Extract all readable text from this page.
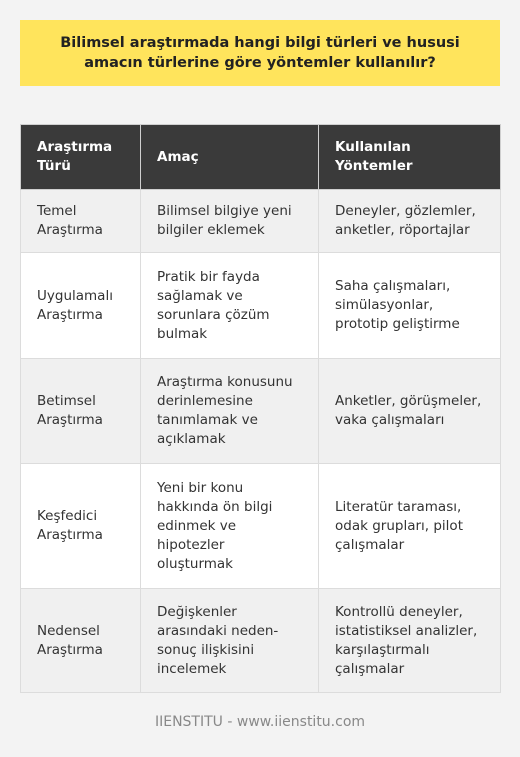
Bilimsel araştırmada hangi bilgi türleri ve hususi amacın türlerine göre yöntemler kullanılır?
Araştırma Türü	Amaç	Kullanılan Yöntemler
Temel Araştırma	Bilimsel bilgiye yeni bilgiler eklemek	Deneyler, gözlemler, anketler, röportajlar
Uygulamalı Araştırma	Pratik bir fayda sağlamak ve sorunlara çözüm bulmak	Saha çalışmaları, simülasyonlar, prototip geliştirme
Betimsel Araştırma	Araştırma konusunu derinlemesine tanımlamak ve açıklamak	Anketler, görüşmeler, vaka çalışmaları
Keşfedici Araştırma	Yeni bir konu hakkında ön bilgi edinmek ve hipotezler oluşturmak	Literatür taraması, odak grupları, pilot çalışmalar
Nedensel Araştırma	Değişkenler arasındaki neden-sonuç ilişkisini incelemek	Kontrollü deneyler, istatistiksel analizler, karşılaştırmalı çalışmalar
IIENSTITU - www.iienstitu.com
